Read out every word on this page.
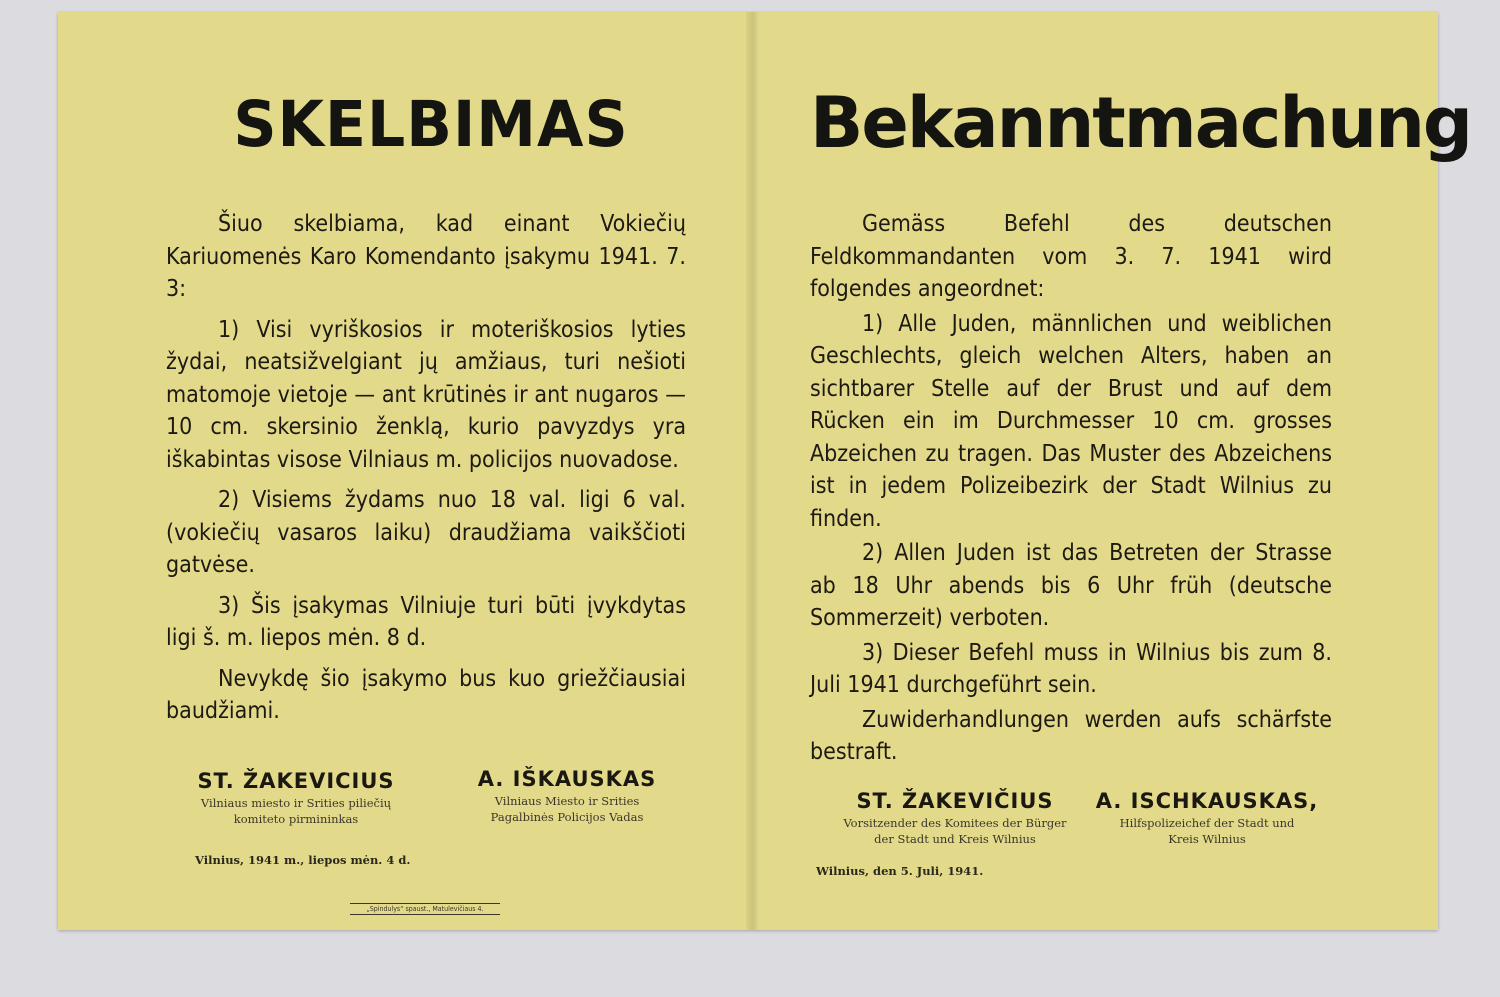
SKELBIMAS

Šiuo skelbiama, kad einant Vokiečių Kariuomenės Karo Komendanto įsakymu 1941. 7. 3:

1) Visi vyriškosios ir moteriškosios lyties žydai, neatsižvelgiant jų amžiaus, turi nešioti matomoje vietoje — ant krūtinės ir ant nugaros — 10 cm. skersinio ženklą, kurio pavyzdys yra iškabintas visose Vilniaus m. policijos nuovadose.

2) Visiems žydams nuo 18 val. ligi 6 val. (vokiečių vasaros laiku) draudžiama vaikščioti gatvėse.

3) Šis įsakymas Vilniuje turi būti įvykdytas ligi š. m. liepos mėn. 8 d.

Nevykdę šio įsakymo bus kuo griežčiausiai baudžiami.

ST. ŽAKEVICIUS
Vilniaus miesto ir Srities piliečių komiteto pirmininkas
A. IŠKAUSKAS
Vilniaus Miesto ir Srities Pagalbinės Policijos Vadas
Vilnius, 1941 m., liepos mėn. 4 d.
„Spindulys“ spaust., Matulevičiaus 4.
Bekanntmachung

Gemäss Befehl des deutschen Feldkommandanten vom 3. 7. 1941 wird folgendes angeordnet:

1) Alle Juden, männlichen und weiblichen Geschlechts, gleich welchen Alters, haben an sichtbarer Stelle auf der Brust und auf dem Rücken ein im Durchmesser 10 cm. grosses Abzeichen zu tragen. Das Muster des Abzeichens ist in jedem Polizeibezirk der Stadt Wilnius zu finden.

2) Allen Juden ist das Betreten der Strasse ab 18 Uhr abends bis 6 Uhr früh (deutsche Sommerzeit) verboten.

3) Dieser Befehl muss in Wilnius bis zum 8. Juli 1941 durchgeführt sein.

Zuwiderhandlungen werden aufs schärfste bestraft.

ST. ŽAKEVIČIUS
Vorsitzender des Komitees der Bürger der Stadt und Kreis Wilnius
A. ISCHKAUSKAS,
Hilfspolizeichef der Stadt und Kreis Wilnius
Wilnius, den 5. Juli, 1941.
